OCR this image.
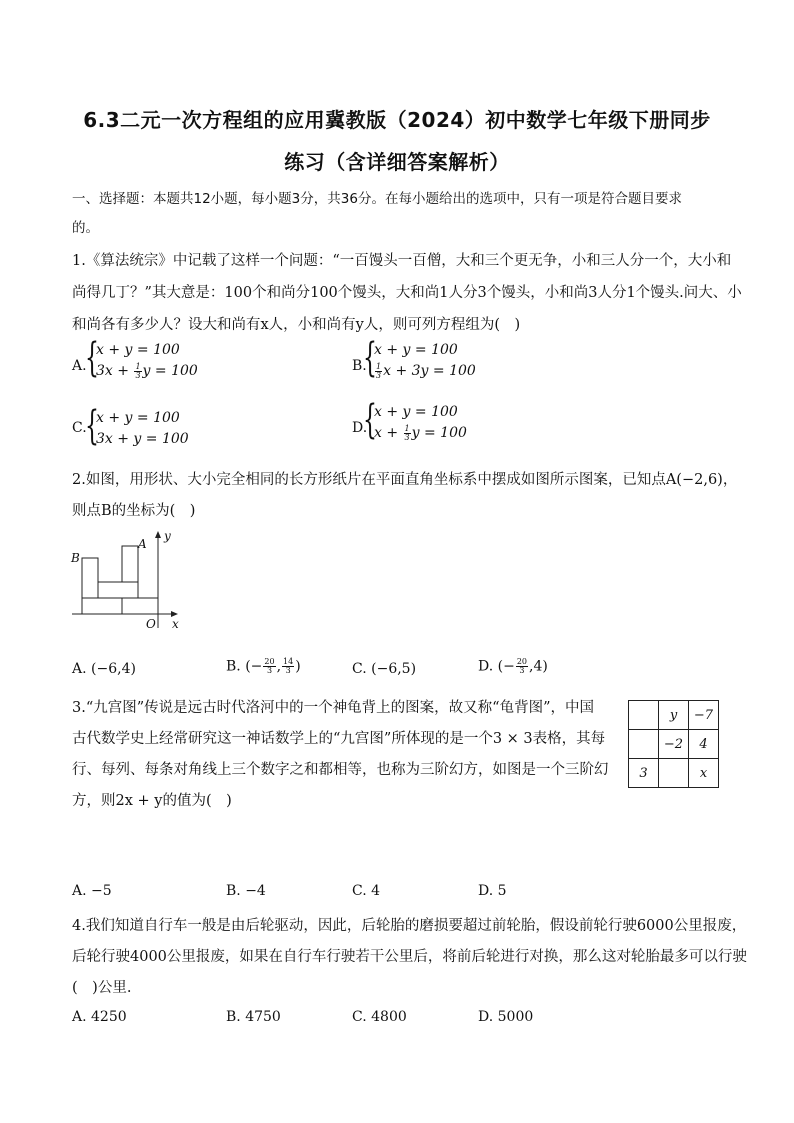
6.3二元一次方程组的应用冀教版（2024）初中数学七年级下册同步
练习（含详细答案解析）
一、选择题：本题共12小题，每小题3分，共36分。在每小题给出的选项中，只有一项是符合题目要求
的。
1.《算法统宗》中记载了这样一个问题：“一百馒头一百僧，大和三个更无争，小和三人分一个，大小和
尚得几丁？”其大意是：100个和尚分100个馒头，大和尚1人分3个馒头，小和尚3人分1个馒头.问大、小
和尚各有多少人？设大和尚有x人，小和尚有y人，则可列方程组为(　)
A.
{
x + y = 100
$3x + \frac{1}{3}$ y = 100	B.
{
x + y = 100
$\frac{1}{3}$ x + 3y = 100
C.
{
x + y = 100
3x + y = 100
D.
{
x + y = 100
$x + \frac{1}{3}$ y = 100
2.如图，用形状、大小完全相同的长方形纸片在平面直角坐标系中摆成如图所示图案，已知点A(−2,6)，
则点B的坐标为(　)
B
A
y
x
O
A. (−6,4)	B. (− $\frac{20}{3}$ , $\frac{14}{3}$ )	C. (−6,5)	D. (− $\frac{20}{3} ,4$)
3.“九宫图”传说是远古时代洛河中的一个神龟背上的图案，故又称“龟背图”，中国
古代数学史上经常研究这一神话数学上的“九宫图”所体现的是一个3 × 3表格，其每
行、每列、每条对角线上三个数字之和都相等，也称为三阶幻方，如图是一个三阶幻
方，则2x + y的值为(　)
	y	−7
	−2	4
3		x
A. −5	B. −4	C. 4	D. 5
4.我们知道自行车一般是由后轮驱动，因此，后轮胎的磨损要超过前轮胎，假设前轮行驶6000公里报废，
后轮行驶4000公里报废，如果在自行车行驶若干公里后，将前后轮进行对换，那么这对轮胎最多可以行驶
(　)公里.
A. 4250	B. 4750	C. 4800	D. 5000
